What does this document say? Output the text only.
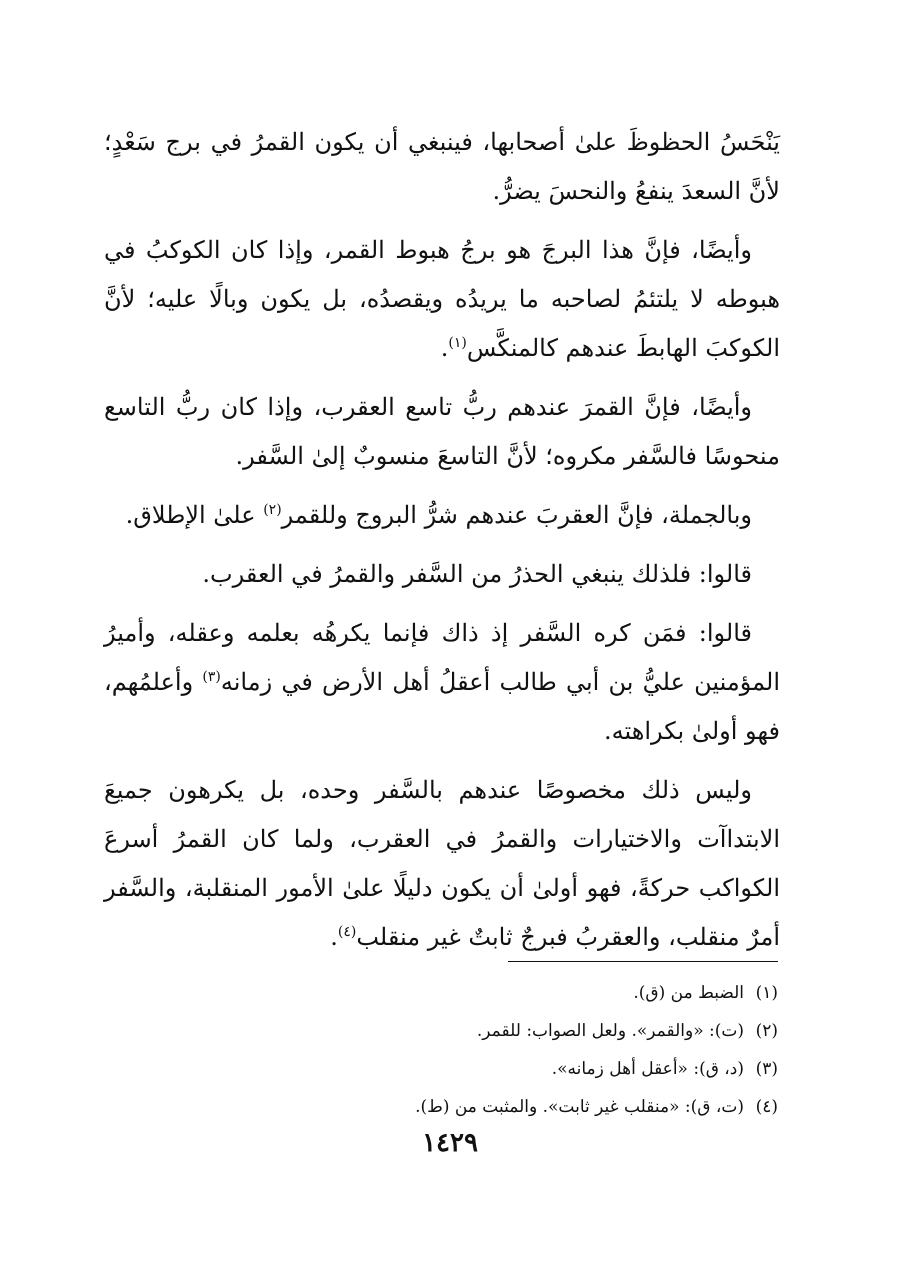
يَنْحَسُ الحظوظَ علىٰ أصحابها، فينبغي أن يكون القمرُ في برج سَعْدٍ؛ لأنَّ السعدَ ينفعُ والنحسَ يضرُّ.

وأيضًا، فإنَّ هذا البرجَ هو برجُ هبوط القمر، وإذا كان الكوكبُ في هبوطه لا يلتئمُ لصاحبه ما يريدُه ويقصدُه، بل يكون وبالًا عليه؛ لأنَّ الكوكبَ الهابطَ عندهم كالمنكَّس$^{(١)}$.

وأيضًا، فإنَّ القمرَ عندهم ربُّ تاسع العقرب، وإذا كان ربُّ التاسع منحوسًا فالسَّفر مكروه؛ لأنَّ التاسعَ منسوبٌ إلىٰ السَّفر.

وبالجملة، فإنَّ العقربَ عندهم شرُّ البروج وللقمر$^{(٢)}$ علىٰ الإطلاق.

قالوا: فلذلك ينبغي الحذرُ من السَّفر والقمرُ في العقرب.

قالوا: فمَن كره السَّفر إذ ذاك فإنما يكرهُه بعلمه وعقله، وأميرُ المؤمنين عليُّ بن أبي طالب أعقلُ أهل الأرض في زمانه$^{(٣)}$ وأعلمُهم، فهو أولىٰ بكراهته.

وليس ذلك مخصوصًا عندهم بالسَّفر وحده، بل يكرهون جميعَ الابتداآت والاختيارات والقمرُ في العقرب، ولما كان القمرُ أسرعَ الكواكب حركةً، فهو أولىٰ أن يكون دليلًا علىٰ الأمور المنقلبة، والسَّفر أمرٌ منقلب، والعقربُ فبرجٌ ثابتٌ غير منقلب$^{(٤)}$.

(١)الضبط من (ق).
(٢)(ت): «والقمر». ولعل الصواب: للقمر.
(٣)(د، ق): «أعقل أهل زمانه».
(٤)(ت، ق): «منقلب غير ثابت». والمثبت من (ط).
١٤٢٩
